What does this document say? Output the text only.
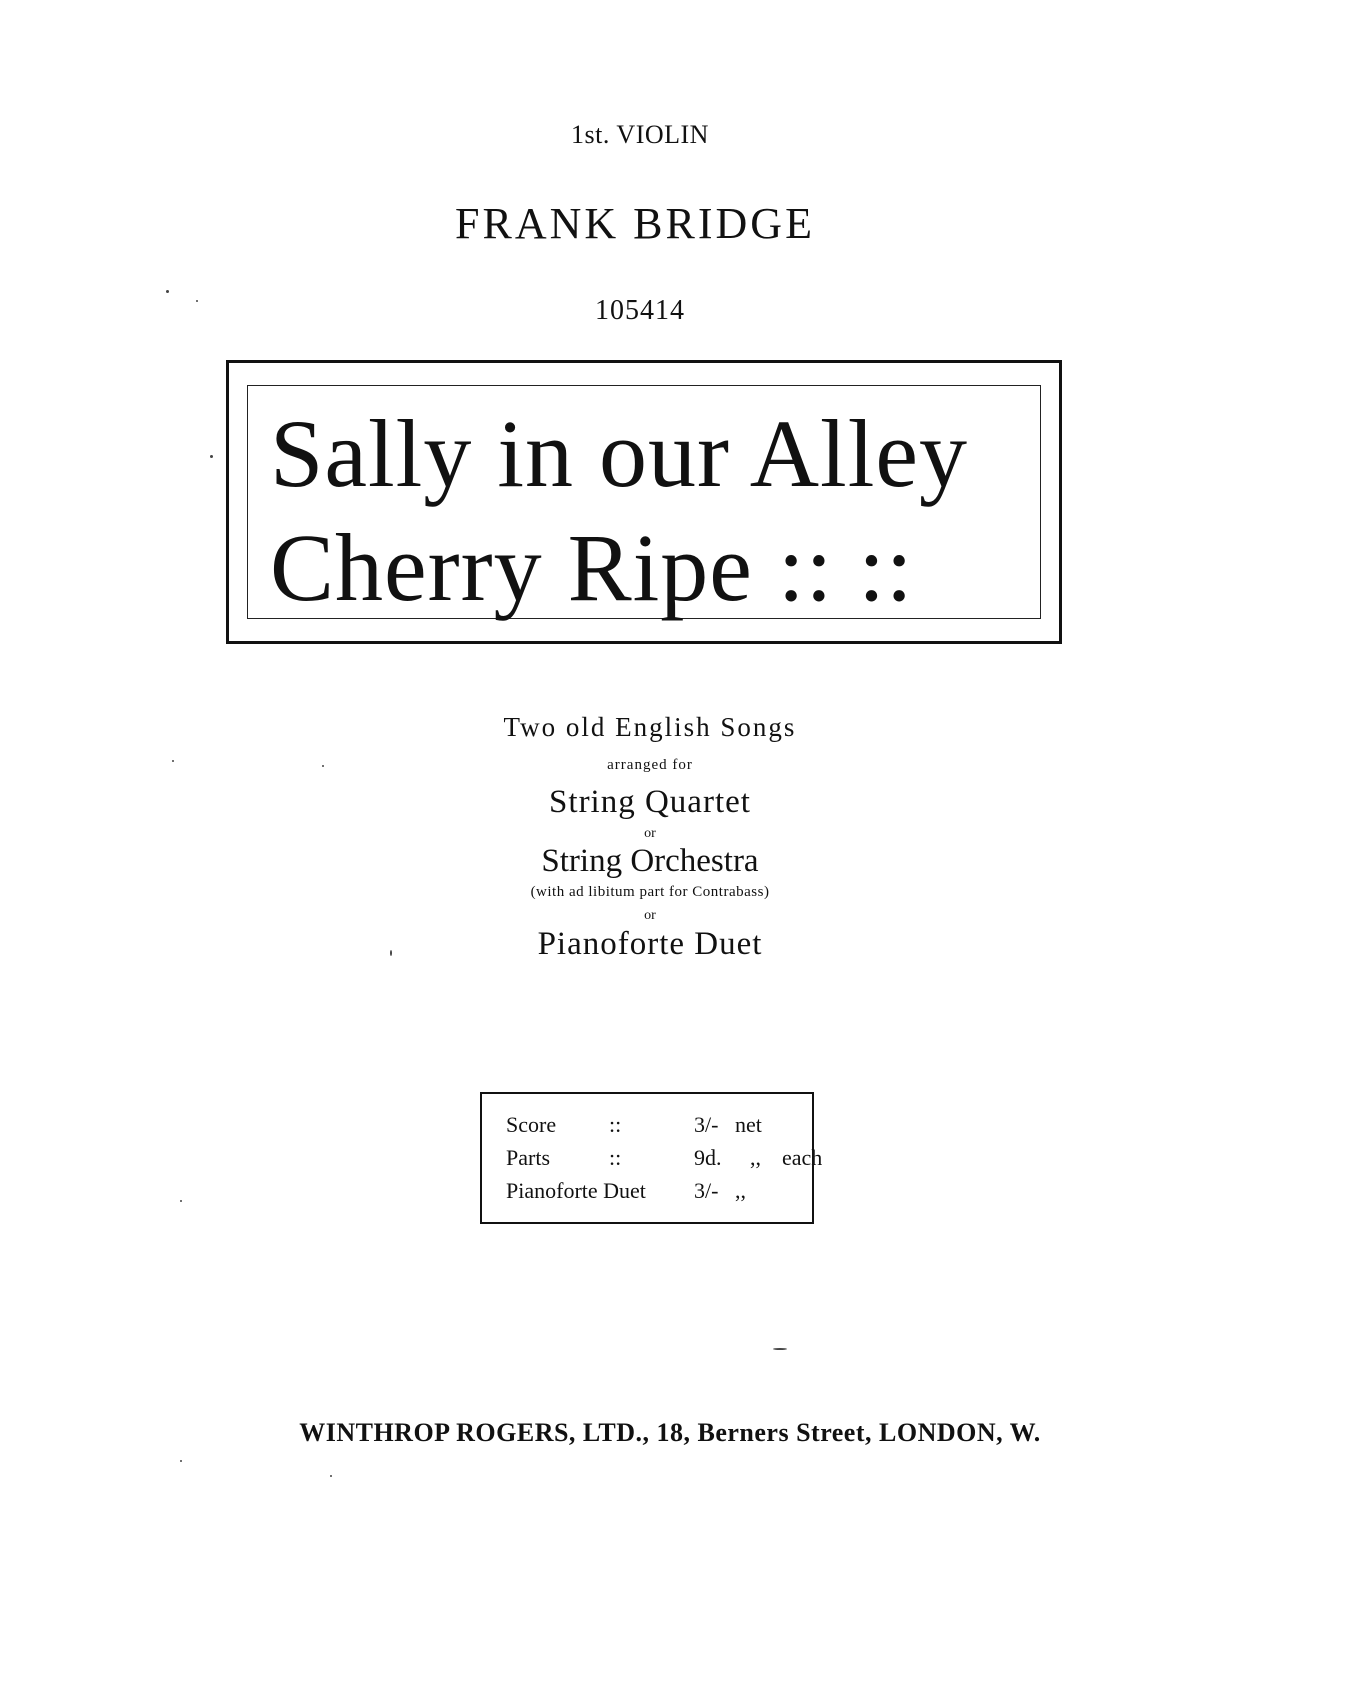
1st. VIOLIN
FRANK BRIDGE
105414
Sally in our Alley
Cherry Ripe :: ::
Two old English Songs
arranged for
String Quartet
or
String Orchestra
(with ad libitum part for Contrabass)
or
Pianoforte Duet
Score ::	3/- net
Parts	::	9d. ,, each
Pianoforte Duet 3/- ,,
WINTHROP ROGERS, LTD., 18, Berners Street, LONDON, W.
